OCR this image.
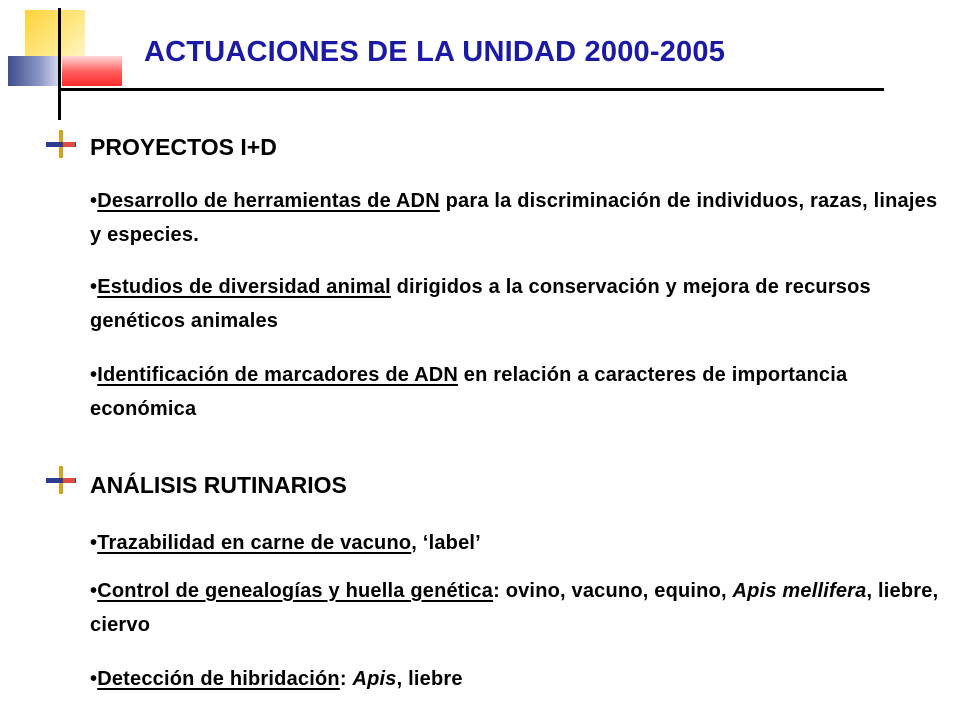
ACTUACIONES DE LA UNIDAD 2000-2005
PROYECTOS I+D

•Desarrollo de herramientas de ADN para la discriminación de individuos, razas, linajes y especies.

•Estudios de diversidad animal dirigidos a la conservación y mejora de recursos genéticos animales

•Identificación de marcadores de ADN en relación a caracteres de importancia económica

ANÁLISIS RUTINARIOS

•Trazabilidad en carne de vacuno, ‘label’

•Control de genealogías y huella genética: ovino, vacuno, equino, Apis mellifera, liebre, ciervo

•Detección de hibridación: Apis, liebre
